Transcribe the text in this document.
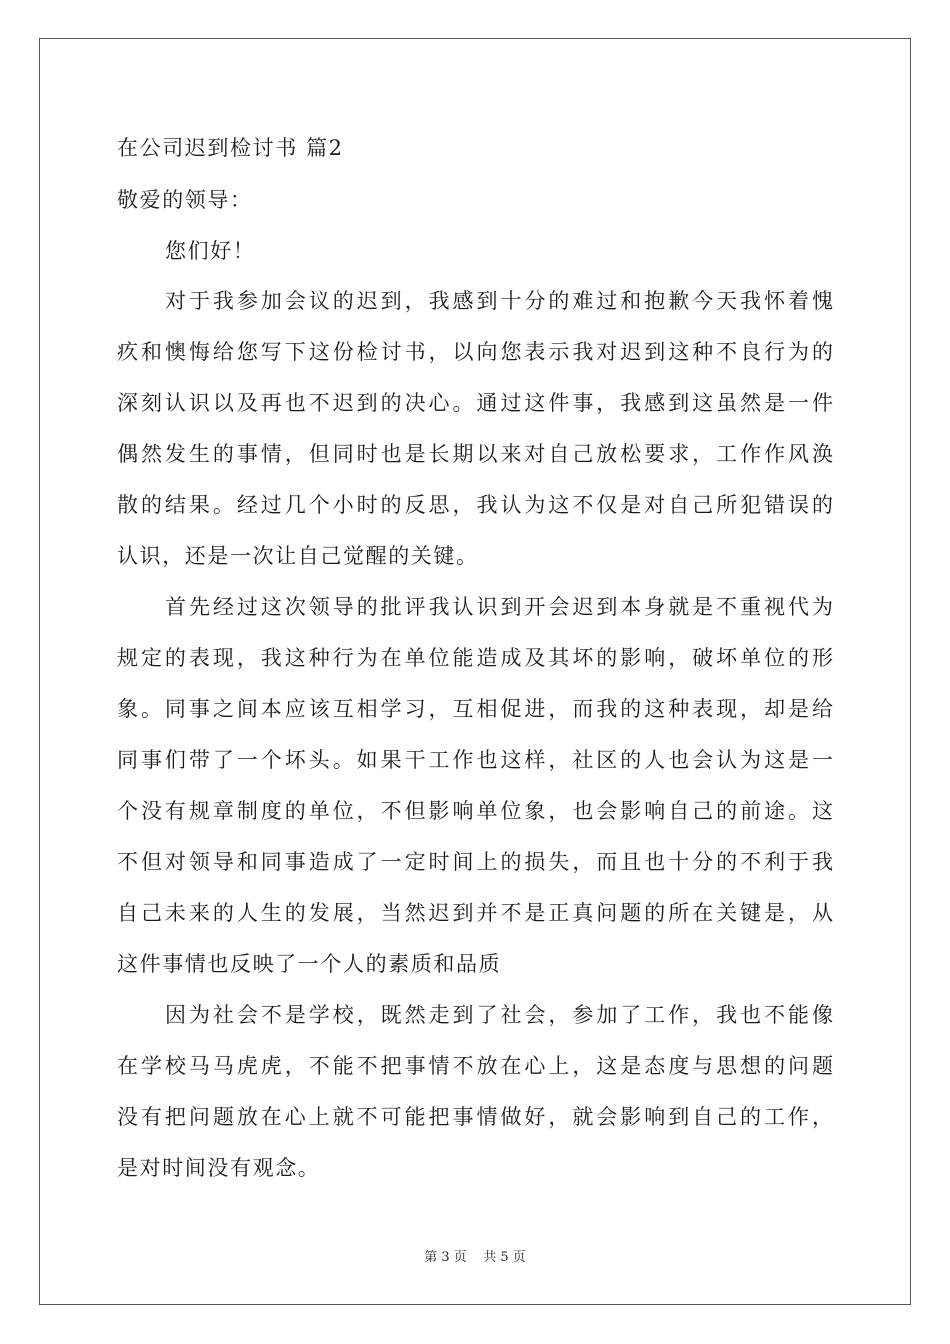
在公司迟到检讨书 篇2
敬爱的领导：
您们好！
对于我参加会议的迟到，我感到十分的难过和抱歉今天我怀着愧
疚和懊悔给您写下这份检讨书，以向您表示我对迟到这种不良行为的
深刻认识以及再也不迟到的决心。通过这件事，我感到这虽然是一件
偶然发生的事情，但同时也是长期以来对自己放松要求，工作作风涣
散的结果。经过几个小时的反思，我认为这不仅是对自己所犯错误的
认识，还是一次让自己觉醒的关键。
首先经过这次领导的批评我认识到开会迟到本身就是不重视代为
规定的表现，我这种行为在单位能造成及其坏的影响，破坏单位的形
象。同事之间本应该互相学习，互相促进，而我的这种表现，却是给
同事们带了一个坏头。如果干工作也这样，社区的人也会认为这是一
个没有规章制度的单位，不但影响单位象，也会影响自己的前途。这
不但对领导和同事造成了一定时间上的损失，而且也十分的不利于我
自己未来的人生的发展，当然迟到并不是正真问题的所在关键是，从
这件事情也反映了一个人的素质和品质
因为社会不是学校，既然走到了社会，参加了工作，我也不能像
在学校马马虎虎，不能不把事情不放在心上，这是态度与思想的问题
没有把问题放在心上就不可能把事情做好，就会影响到自己的工作，
是对时间没有观念。
第 3 页    共 5 页
